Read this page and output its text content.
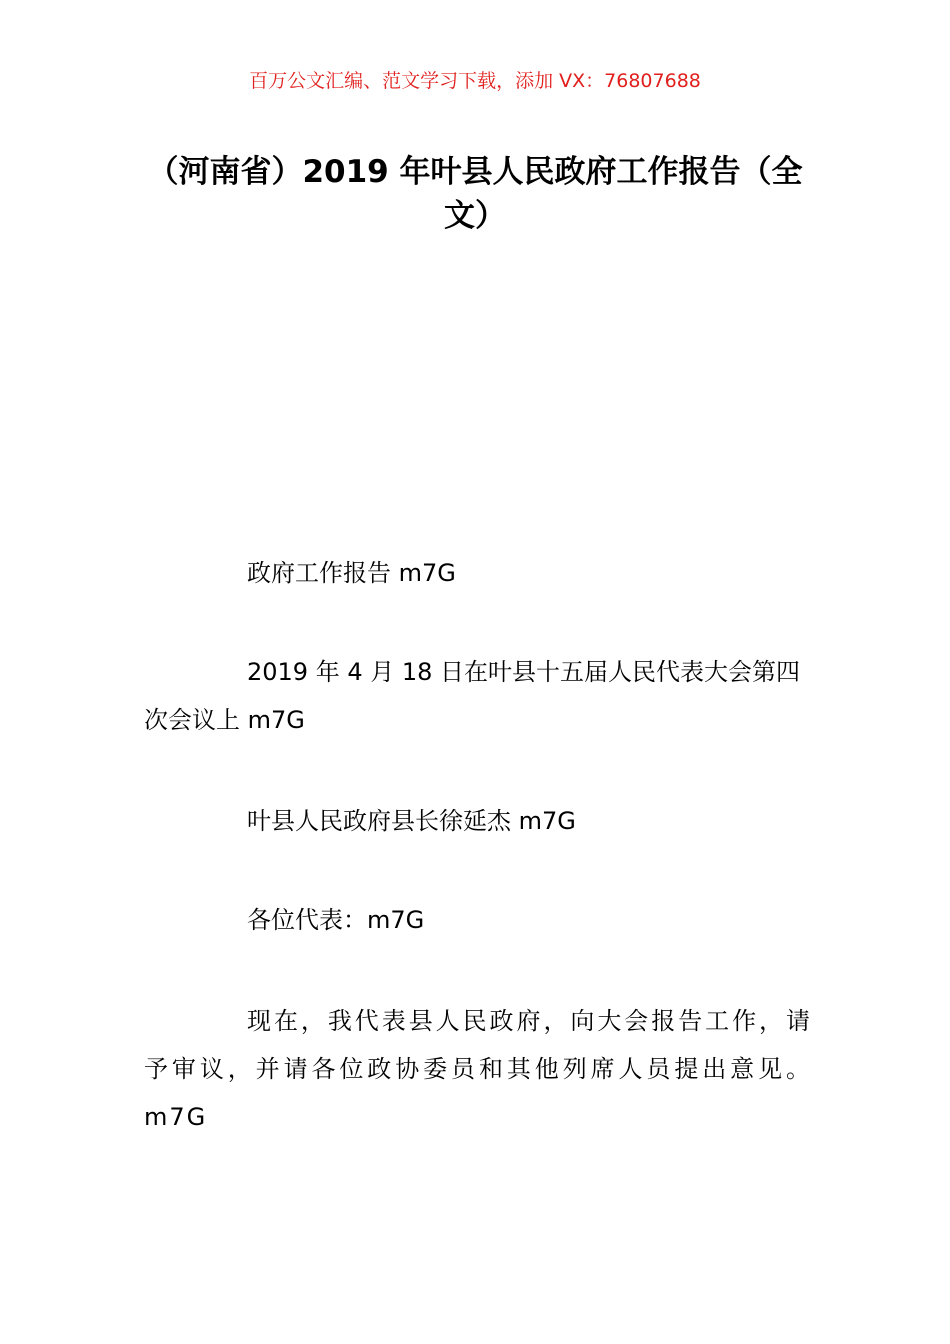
百万公文汇编、范文学习下载，添加 VX：76807688
（河南省）2019 年叶县人民政府工作报告（全文）

政府工作报告 m7G

2019 年 4 月 18 日在叶县十五届人民代表大会第四次会议上 m7G

叶县人民政府县长徐延杰 m7G

各位代表：m7G

现在，我代表县人民政府，向大会报告工作，请予审议，并请各位政协委员和其他列席人员提出意见。m7G
